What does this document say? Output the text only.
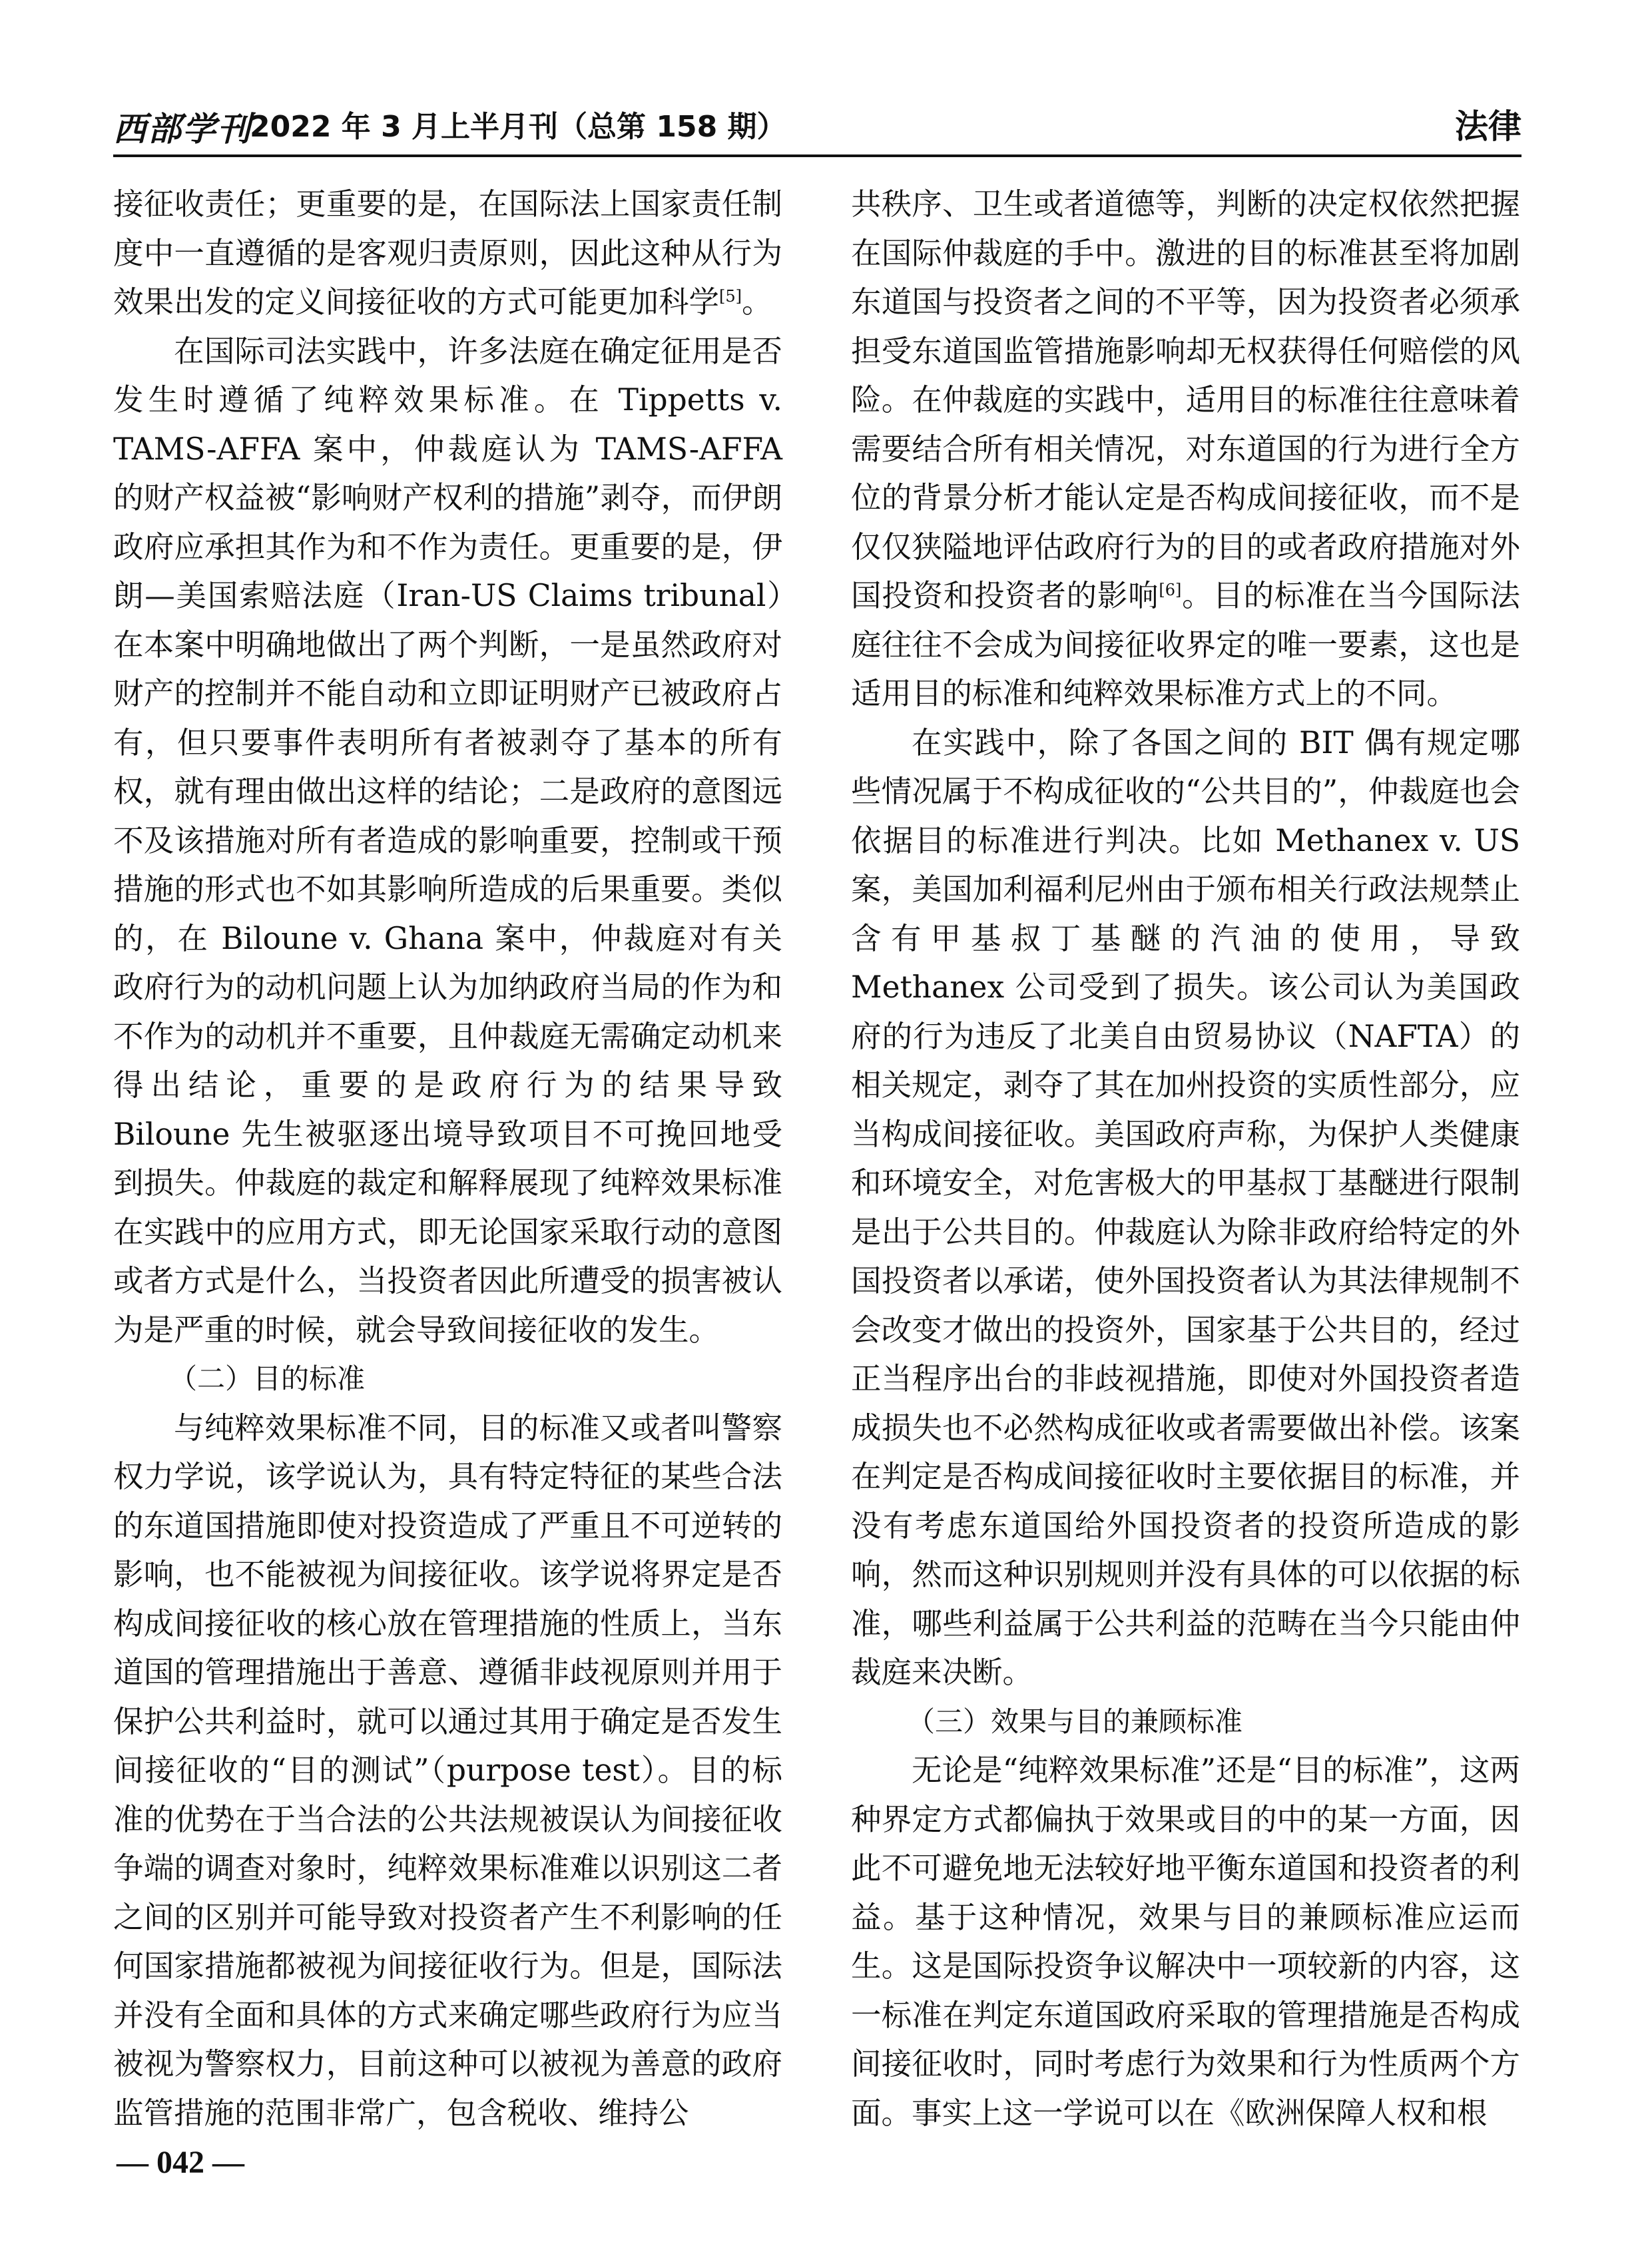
西部学刊
2022 年 3 月上半月刊（总第 158 期）	法律

接征收责任；更重要的是，在国际法上国家责任制度中一直遵循的是客观归责原则，因此这种从行为效果出发的定义间接征收的方式可能更加科学[5]。

在国际司法实践中，许多法庭在确定征用是否发生时遵循了纯粹效果标准。在 Tippetts v. TAMS-AFFA 案中，仲裁庭认为 TAMS-AFFA 的财产权益被“影响财产权利的措施”剥夺，而伊朗政府应承担其作为和不作为责任。更重要的是，伊朗—美国索赔法庭（Iran-US Claims tribunal）在本案中明确地做出了两个判断，一是虽然政府对财产的控制并不能自动和立即证明财产已被政府占有，但只要事件表明所有者被剥夺了基本的所有权，就有理由做出这样的结论；二是政府的意图远不及该措施对所有者造成的影响重要，控制或干预措施的形式也不如其影响所造成的后果重要。类似的，在 Biloune v. Ghana 案中，仲裁庭对有关政府行为的动机问题上认为加纳政府当局的作为和不作为的动机并不重要，且仲裁庭无需确定动机来得出结论，重要的是政府行为的结果导致 Biloune 先生被驱逐出境导致项目不可挽回地受到损失。仲裁庭的裁定和解释展现了纯粹效果标准在实践中的应用方式，即无论国家采取行动的意图或者方式是什么，当投资者因此所遭受的损害被认为是严重的时候，就会导致间接征收的发生。

（二）目的标准

与纯粹效果标准不同，目的标准又或者叫警察权力学说，该学说认为，具有特定特征的某些合法的东道国措施即使对投资造成了严重且不可逆转的影响，也不能被视为间接征收。该学说将界定是否构成间接征收的核心放在管理措施的性质上，当东道国的管理措施出于善意、遵循非歧视原则并用于保护公共利益时，就可以通过其用于确定是否发生间接征收的“目的测试”（purpose test）。目的标准的优势在于当合法的公共法规被误认为间接征收争端的调查对象时，纯粹效果标准难以识别这二者之间的区别并可能导致对投资者产生不利影响的任何国家措施都被视为间接征收行为。但是，国际法并没有全面和具体的方式来确定哪些政府行为应当被视为警察权力，目前这种可以被视为善意的政府监管措施的范围非常广，包含税收、维持公

共秩序、卫生或者道德等，判断的决定权依然把握在国际仲裁庭的手中。激进的目的标准甚至将加剧东道国与投资者之间的不平等，因为投资者必须承担受东道国监管措施影响却无权获得任何赔偿的风险。在仲裁庭的实践中，适用目的标准往往意味着需要结合所有相关情况，对东道国的行为进行全方位的背景分析才能认定是否构成间接征收，而不是仅仅狭隘地评估政府行为的目的或者政府措施对外国投资和投资者的影响[6]。目的标准在当今国际法庭往往不会成为间接征收界定的唯一要素，这也是适用目的标准和纯粹效果标准方式上的不同。

在实践中，除了各国之间的 BIT 偶有规定哪些情况属于不构成征收的“公共目的”，仲裁庭也会依据目的标准进行判决。比如 Methanex v. US 案，美国加利福利尼州由于颁布相关行政法规禁止含有甲基叔丁基醚的汽油的使用，导致 Methanex 公司受到了损失。该公司认为美国政府的行为违反了北美自由贸易协议（NAFTA）的相关规定，剥夺了其在加州投资的实质性部分，应当构成间接征收。美国政府声称，为保护人类健康和环境安全，对危害极大的甲基叔丁基醚进行限制是出于公共目的。仲裁庭认为除非政府给特定的外国投资者以承诺，使外国投资者认为其法律规制不会改变才做出的投资外，国家基于公共目的，经过正当程序出台的非歧视措施，即使对外国投资者造成损失也不必然构成征收或者需要做出补偿。该案在判定是否构成间接征收时主要依据目的标准，并没有考虑东道国给外国投资者的投资所造成的影响，然而这种识别规则并没有具体的可以依据的标准，哪些利益属于公共利益的范畴在当今只能由仲裁庭来决断。

（三）效果与目的兼顾标准

无论是“纯粹效果标准”还是“目的标准”，这两种界定方式都偏执于效果或目的中的某一方面，因此不可避免地无法较好地平衡东道国和投资者的利益。基于这种情况，效果与目的兼顾标准应运而生。这是国际投资争议解决中一项较新的内容，这一标准在判定东道国政府采取的管理措施是否构成间接征收时，同时考虑行为效果和行为性质两个方面。事实上这一学说可以在《欧洲保障人权和根

— 042 —
